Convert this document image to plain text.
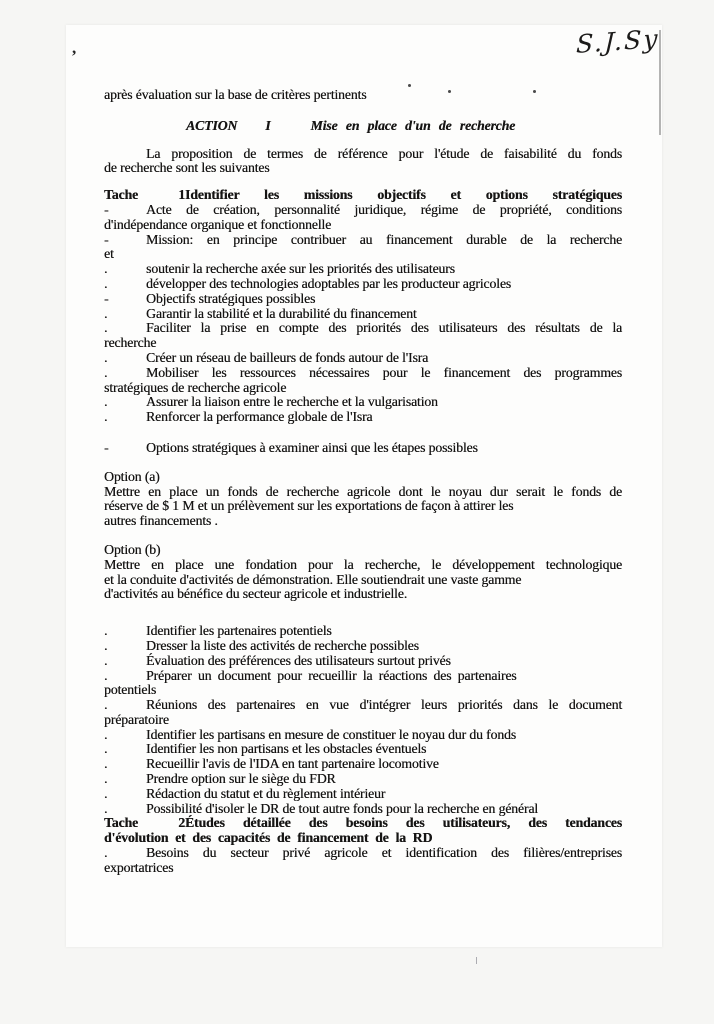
après évaluation sur la base de critères pertinents
ACTION I	Mise en place d'un de recherche
La proposition de termes de référence pour l'étude de faisabilité du fonds
de recherche sont les suivantes
Tache 1Identifier les missions objectifs et options stratégiques
-	Acte de création, personnalité juridique, régime de propriété, conditions
d'indépendance organique et fonctionnelle
-	Mission: en principe contribuer au financement durable de la recherche
et
.	soutenir la recherche axée sur les priorités des utilisateurs
.	développer des technologies adoptables par les producteur agricoles
-	Objectifs stratégiques possibles
.	Garantir la stabilité et la durabilité du financement
.	Faciliter la prise en compte des priorités des utilisateurs des résultats de la
recherche
.	Créer un réseau de bailleurs de fonds autour de l'Isra
.	Mobiliser les ressources nécessaires pour le financement des programmes
stratégiques de recherche agricole
.	Assurer la liaison entre le recherche et la vulgarisation
.	Renforcer la performance globale de l'Isra
-	Options stratégiques à examiner ainsi que les étapes possibles
Option (a)
Mettre en place un fonds de recherche agricole dont le noyau dur serait le fonds de
réserve de $ 1 M et un prélèvement sur les exportations de façon à attirer les
autres financements .
Option (b)
Mettre en place une fondation pour la recherche, le développement technologique
et la conduite d'activités de démonstration. Elle soutiendrait une vaste gamme
d'activités au bénéfice du secteur agricole et industrielle.
.	Identifier les partenaires potentiels
.	Dresser la liste des activités de recherche possibles
.	Évaluation des préférences des utilisateurs surtout privés
.	Préparer un document pour recueillir la réactions des partenaires
potentiels
.	Réunions des partenaires en vue d'intégrer leurs priorités dans le document
préparatoire
.	Identifier les partisans en mesure de constituer le noyau dur du fonds
.	Identifier les non partisans et les obstacles éventuels
.	Recueillir l'avis de l'IDA en tant partenaire locomotive
.	Prendre option sur le siège du FDR
.	Rédaction du statut et du règlement intérieur
.	Possibilité d'isoler le DR de tout autre fonds pour la recherche en général
Tache 2Études détaillée des besoins des utilisateurs, des tendances
d'évolution et des capacités de financement de la RD
.	Besoins du secteur privé agricole et identification des filières/entreprises
exportatrices
S.J.Sy
,
